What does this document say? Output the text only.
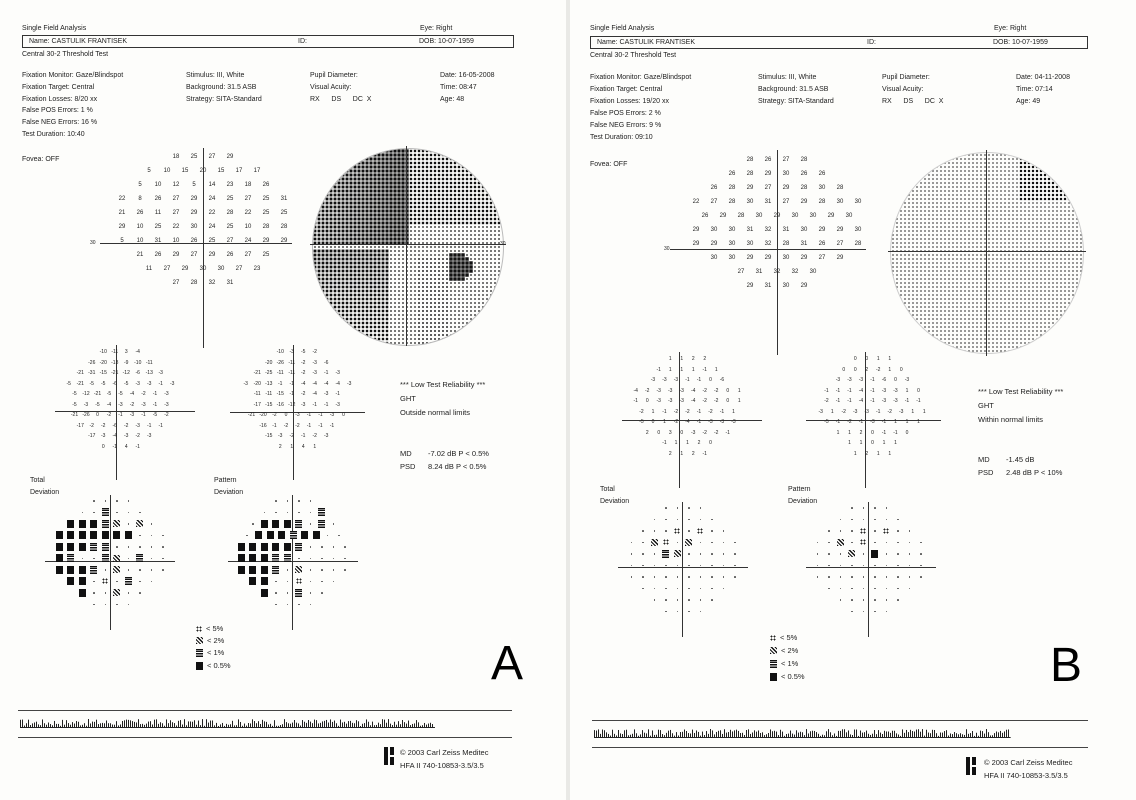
Single Field Analysis	Eye: Right
Name: CASTULIK FRANTISEK	ID:	DOB: 10-07-1959
Central 30-2 Threshold Test
Fixation Monitor: Gaze/Blindspot
Fixation Target: Central
Fixation Losses: 8/20 xx
False POS Errors: 1 %
False NEG Errors: 16 %
Test Duration: 10:40
Stimulus: III, White
Background: 31.5 ASB
Strategy: SITA-Standard
Pupil Diameter:
Visual Acuity:
RX      DS      DC  X
Date: 16-05-2008
Time: 08:47
Age: 48
Fovea: OFF
30
18	25	27	29
5	10	15	20	15	17	17
5	10	12	5	14	23	18	26
22	8	26	27	29	24	25	27	25	31
21	26	11	27	29	22	28	22	25	25
29	10	25	22	30	24	25	10	28	28
5	10	31	10	26	25	27	24	29	29
21	26	29	27	29	26	27	25
11	27	29	30	30	27	23
27	28	32	31
30
-10 -11	3	-4
-26 -20 -13	-9	-10 -11
-21 -31 -15 -21 -12	-6	-13	-3
-5	-21	-5	-5	-6	-5	-3	-3	-1	-3
-5	-12 -21	-5	-5	-4	-2	-1	-3
-5	-3	-5	-4	-3	-2	-3	-1	-3
-21 -26	0	-2	-1	-3	-1	-5	-2
-17	-2	-2	-6	-2	-3	-1	-1
-17	-3	-4	-3	-2	-3
0	-1	4	-1
-10	-3	-5	-2
-20 -26 -11	-2	-3	-6
-21 -25 -11 -11	-2	-3	-1	-3
-3	-20 -13	-1	-1	-4	-4	-4	-4	-3
-11 -11 -15	-1	-2	-4	-3	-1
-17 -15 -16 -12	-3	-1	-1	-3
-21 -20	-2	0	-3	-1	-1	-3	0
-16	-1	-2	-2	-1	-1	-1
-15	-3	-2	-1	-2	-3
2	1	4	1
*** Low Test Reliability ***
GHT
Outside normal limits
MD -7.02 dB P < 0.5%
PSD 8.24 dB P < 0.5%
Total
Deviation
Pattern
Deviation
< 5%
< 2%
< 1%
< 0.5%	A
© 2003 Carl Zeiss Meditec
HFA II 740-10853-3.5/3.5
Single Field Analysis	Eye: Right
Name: CASTULIK FRANTISEK	ID:	DOB: 10-07-1959
Central 30-2 Threshold Test
Fixation Monitor: Gaze/Blindspot
Fixation Target: Central
Fixation Losses: 19/20 xx
False POS Errors: 2 %
False NEG Errors: 9 %
Test Duration: 09:10
Stimulus: III, White
Background: 31.5 ASB
Strategy: SITA-Standard
Pupil Diameter:
Visual Acuity:
RX      DS      DC  X
Date: 04-11-2008
Time: 07:14
Age: 49
Fovea: OFF
30
28	26	27	28
26	28	29	30	26	26
26	28	29	27	29	28	30	28
22	27	28	30	31	27	29	28	30	30
26	29	28	30	29	30	30	29	30
29	30	30	31	32	31	30	29	29	30
29	29	30	30	32	28	31	26	27	28
30	30	29	29	30	29	27	29
27	31	32	32	30
29	31	30	29
1	1	2	2
-1	1	1	1	-1	1
-3	-3	-3	-1	-1	0	-6
-4	-2	-3	-3	-3	-4	-2	-2	0	1
-1	0	-3	-3	-3	-4	-2	-2	0	1
-2	1	-1	-2	-2	-1	-2	-1	1
-5	0	1	-2	-4	-1	-3	-3	-3
2	0	3	0	-3	-2	-2	-1
-1	1	1	2	0
2	1	2	-1
0	0	1	1
0	0	2	-2	1	0
-3	-3	-3	-1	-6	0	-3
-1	-1	-1	-4	-1	-3	-3	1	0
-2	-1	-1	-4	-1	-3	-3	-1	-1
-3	1	-2	-3	-3	-1	-2	-3	1	1
-5	-1	-2	-1	-3	-1	1	1	1
1	1	2	0	-1	-1	0
1	1	0	1	1
1	2	1	1
*** Low Test Reliability ***
GHT
Within normal limits
MD -1.45 dB
PSD 2.48 dB P < 10%
Total
Deviation
Pattern
Deviation
< 5%
< 2%
< 1%
< 0.5%	B
© 2003 Carl Zeiss Meditec
HFA II 740-10853-3.5/3.5
